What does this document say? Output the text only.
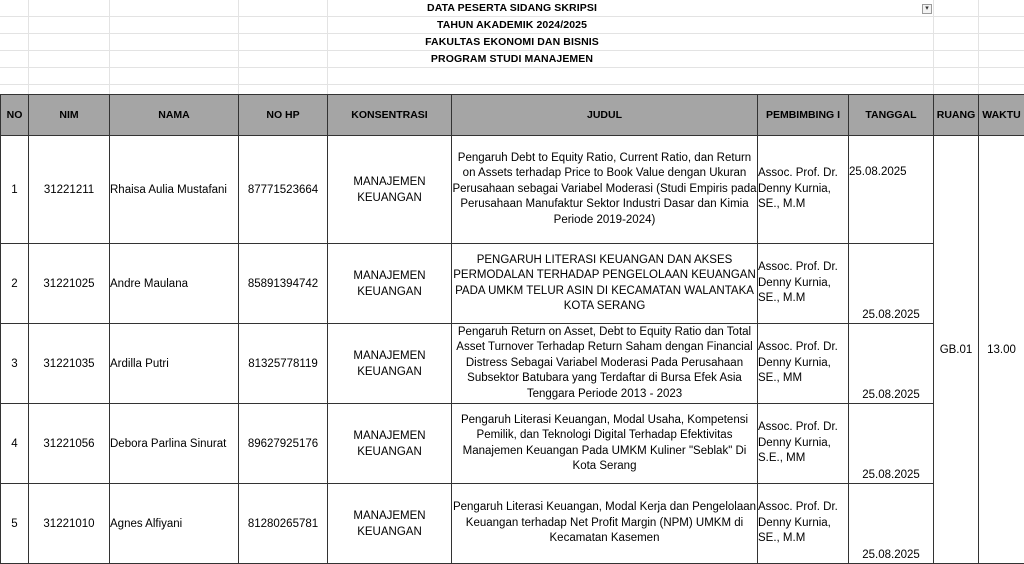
DATA PESERTA SIDANG SKRIPSI
TAHUN AKADEMIK 2024/2025
FAKULTAS EKONOMI DAN BISNIS
PROGRAM STUDI MANAJEMEN
▾
NO	NIM	NAMA	NO HP	KONSENTRASI	JUDUL	PEMBIMBING I	TANGGAL	RUANG	WAKTU
1	31221211	Rhaisa Aulia Mustafani	87771523664	MANAJEMEN KEUANGAN	Pengaruh Debt to Equity Ratio, Current Ratio, dan Return on Assets terhadap Price to Book Value dengan Ukuran Perusahaan sebagai Variabel Moderasi (Studi Empiris pada Perusahaan Manufaktur Sektor Industri Dasar dan Kimia Periode 2019-2024)	Assoc. Prof. Dr. Denny Kurnia, SE., M.M	25.08.2025	GB.01	13.00
2	31221025	Andre Maulana	85891394742	MANAJEMEN KEUANGAN	PENGARUH LITERASI KEUANGAN DAN AKSES PERMODALAN TERHADAP PENGELOLAAN KEUANGAN PADA UMKM TELUR ASIN DI KECAMATAN WALANTAKA KOTA SERANG	Assoc. Prof. Dr. Denny Kurnia, SE., M.M	25.08.2025		
3	31221035	Ardilla Putri	81325778119	MANAJEMEN KEUANGAN	Pengaruh Return on Asset, Debt to Equity Ratio dan Total Asset Turnover Terhadap Return Saham dengan Financial Distress Sebagai Variabel Moderasi Pada Perusahaan Subsektor Batubara yang Terdaftar di Bursa Efek Asia Tenggara Periode 2013 - 2023	Assoc. Prof. Dr. Denny Kurnia, SE., MM	25.08.2025		
4	31221056	Debora Parlina Sinurat	89627925176	MANAJEMEN KEUANGAN	Pengaruh Literasi Keuangan, Modal Usaha, Kompetensi Pemilik, dan Teknologi Digital Terhadap Efektivitas Manajemen Keuangan Pada UMKM Kuliner "Seblak" Di Kota Serang	Assoc. Prof. Dr. Denny Kurnia, S.E., MM	25.08.2025		
5	31221010	Agnes Alfiyani	81280265781	MANAJEMEN KEUANGAN	Pengaruh Literasi Keuangan, Modal Kerja dan Pengelolaan Keuangan terhadap Net Profit Margin (NPM) UMKM di Kecamatan Kasemen	Assoc. Prof. Dr. Denny Kurnia, SE., M.M	25.08.2025		
